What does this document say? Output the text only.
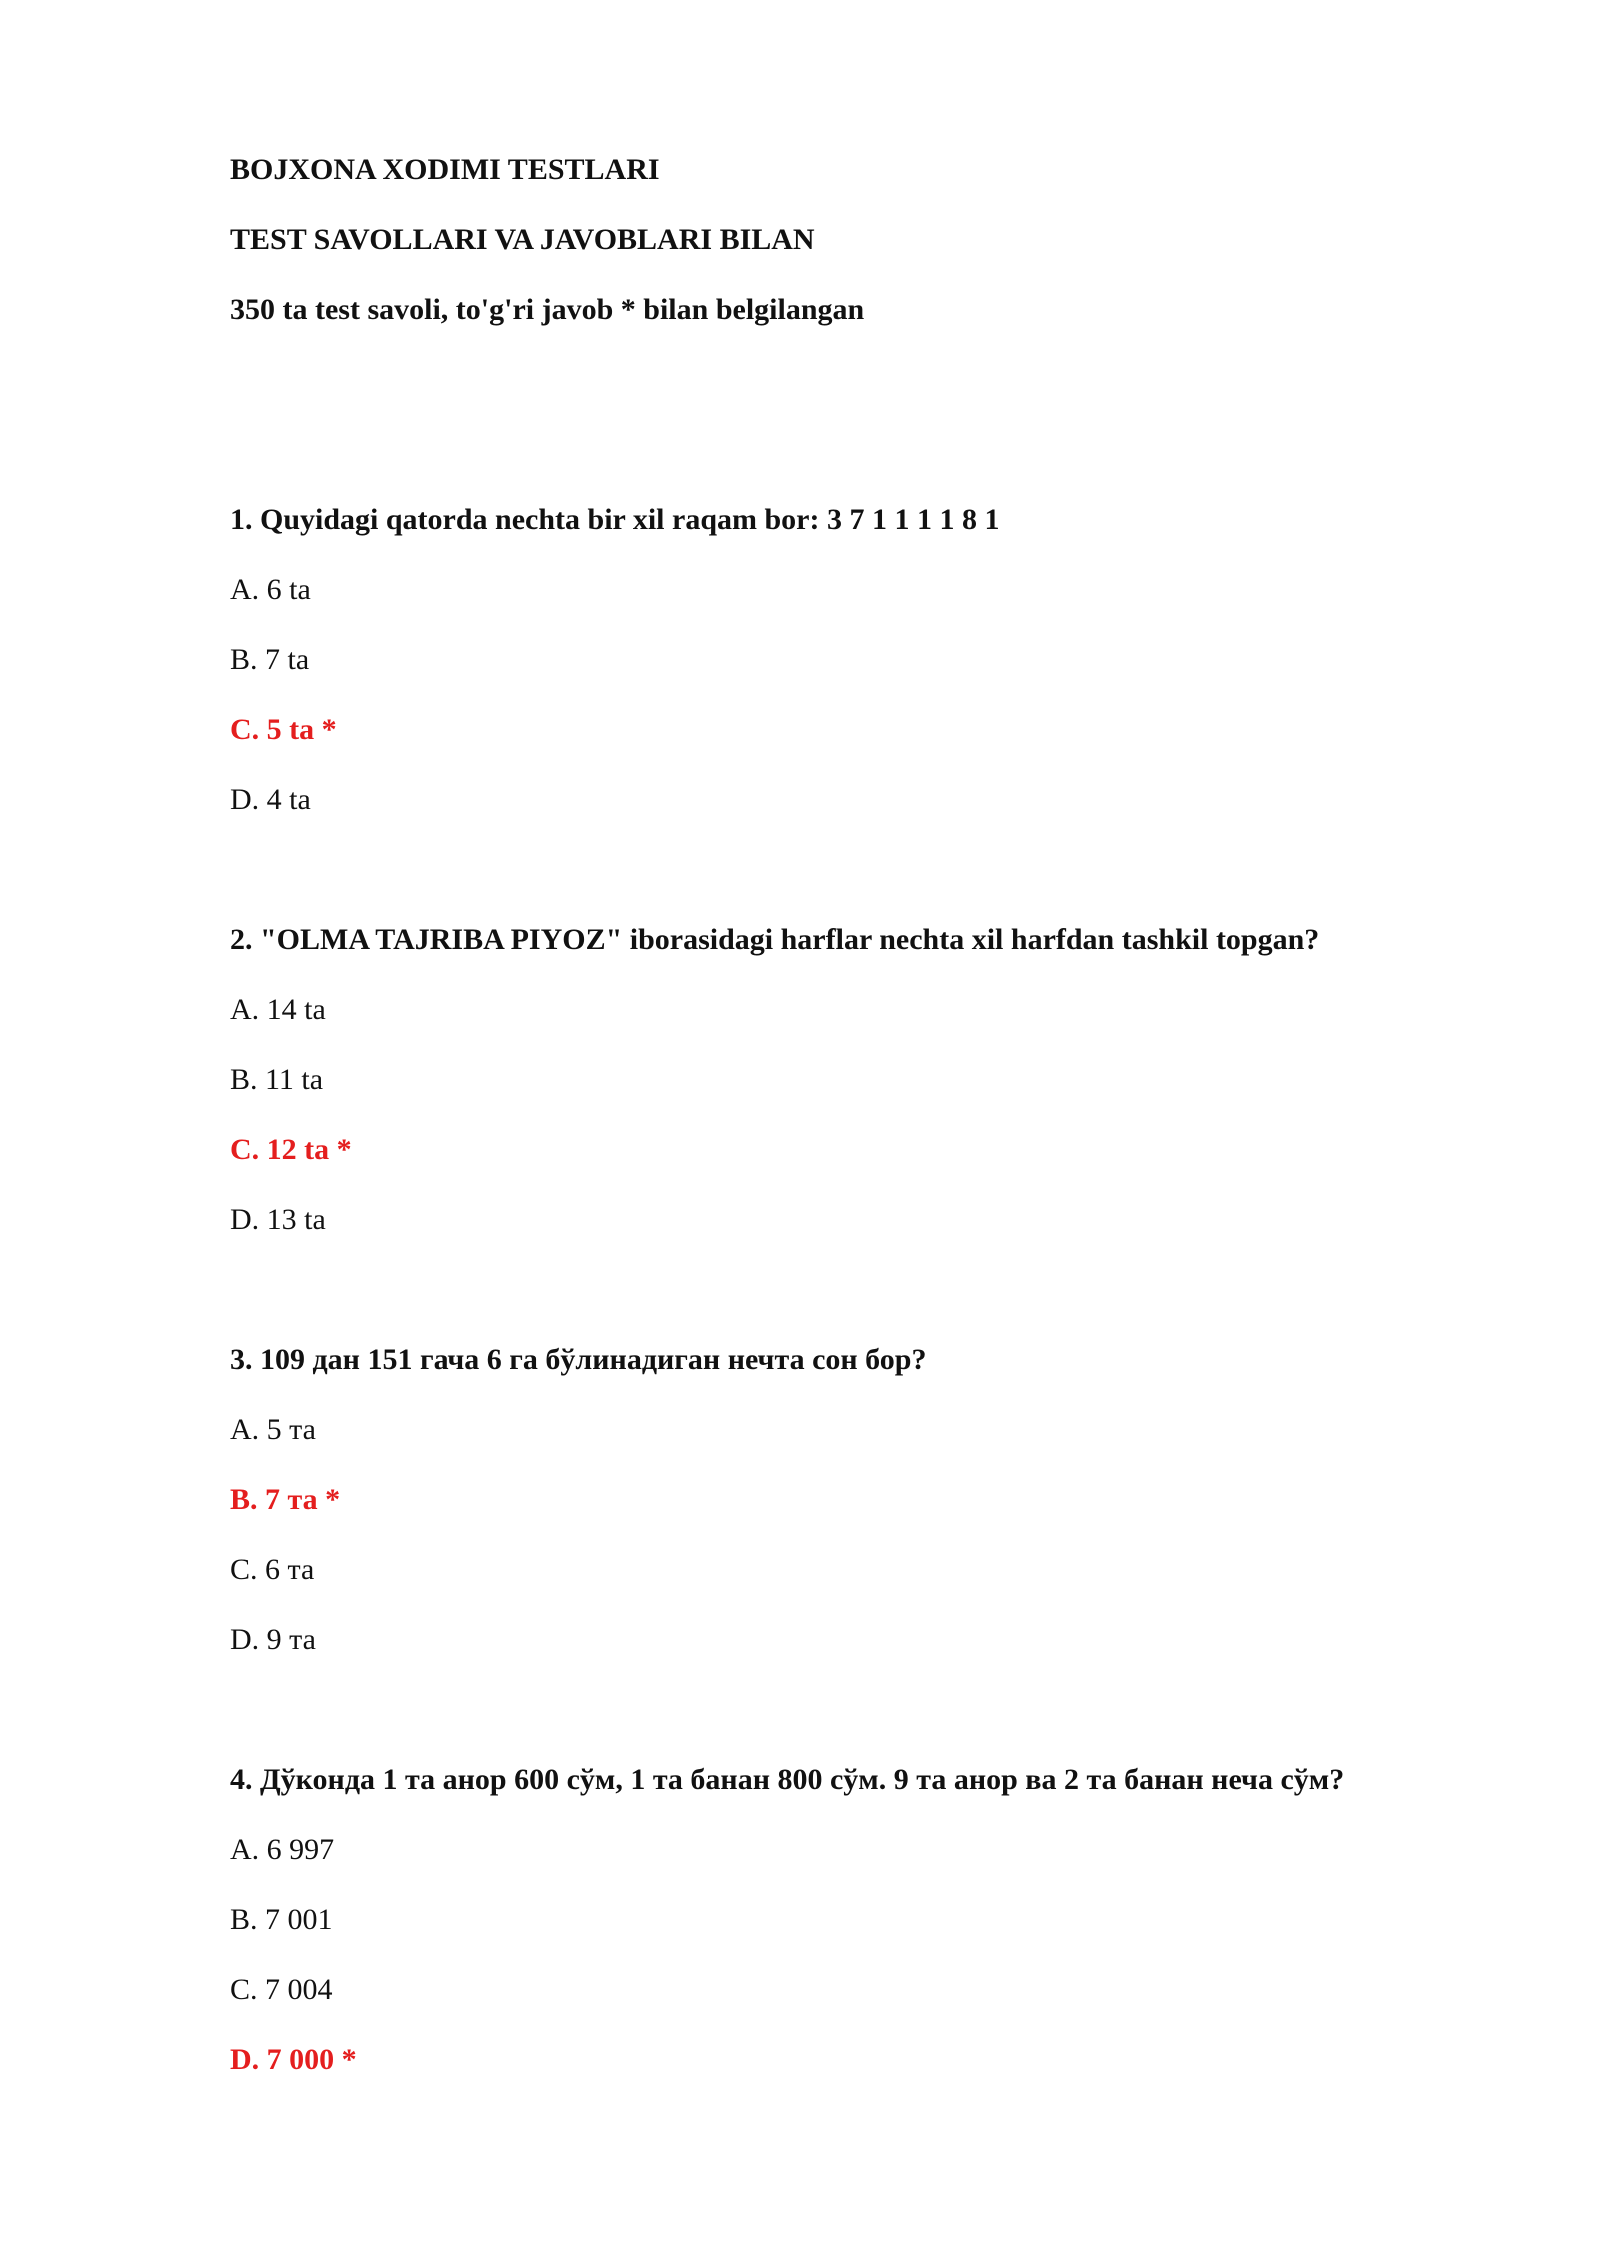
BOJXONA XODIMI TESTLARI
TEST SAVOLLARI VA JAVOBLARI BILAN
350 ta test savoli, to'g'ri javob * bilan belgilangan
1. Quyidagi qatorda nechta bir xil raqam bor: 3 7 1 1 1 1 8 1
A. 6 ta
B. 7 ta
C. 5 ta *
D. 4 ta
2. "OLMA TAJRIBA PIYOZ" iborasidagi harflar nechta xil harfdan tashkil topgan?
A. 14 ta
B. 11 ta
C. 12 ta *
D. 13 ta
3. 109 дан 151 гача 6 га бўлинадиган нечта сон бор?
A. 5 та
B. 7 та *
C. 6 та
D. 9 та
4. Дўконда 1 та анор 600 сўм, 1 та банан 800 сўм. 9 та анор ва 2 та банан неча сўм?
A. 6 997
B. 7 001
C. 7 004
D. 7 000 *
